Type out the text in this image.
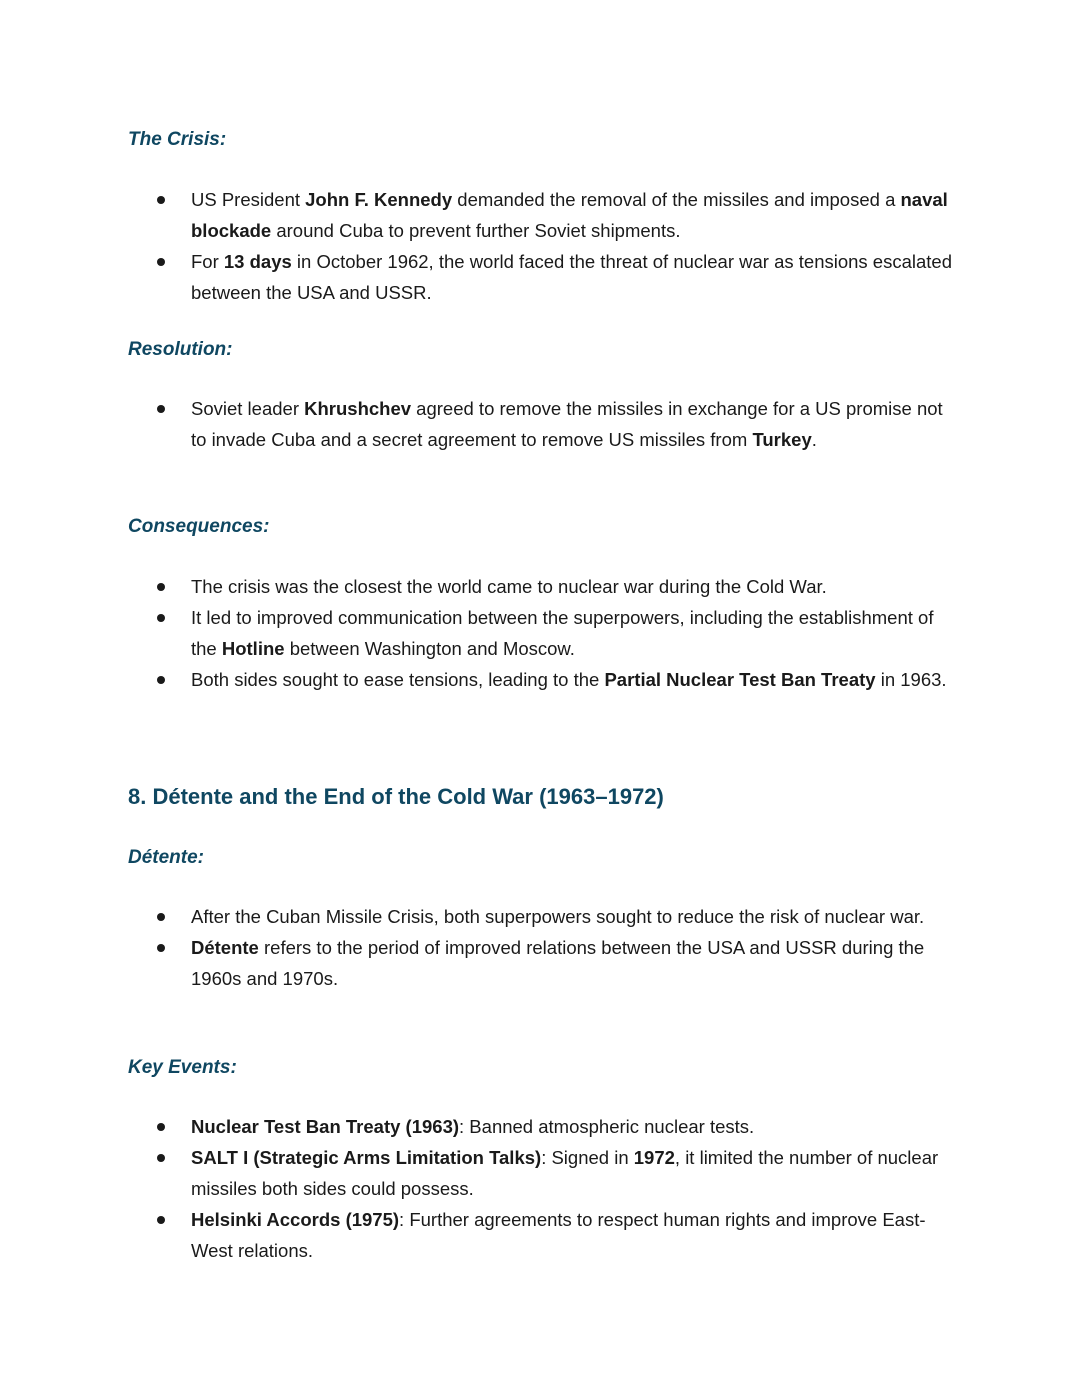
The Crisis:
US President John F. Kennedy demanded the removal of the missiles and imposed a naval blockade around Cuba to prevent further Soviet shipments.
For 13 days in October 1962, the world faced the threat of nuclear war as tensions escalated between the USA and USSR.
Resolution:
Soviet leader Khrushchev agreed to remove the missiles in exchange for a US promise not to invade Cuba and a secret agreement to remove US missiles from Turkey.
Consequences:
The crisis was the closest the world came to nuclear war during the Cold War.
It led to improved communication between the superpowers, including the establishment of the Hotline between Washington and Moscow.
Both sides sought to ease tensions, leading to the Partial Nuclear Test Ban Treaty in 1963.
8. Détente and the End of the Cold War (1963–1972)
Détente:
After the Cuban Missile Crisis, both superpowers sought to reduce the risk of nuclear war.
Détente refers to the period of improved relations between the USA and USSR during the 1960s and 1970s.
Key Events:
Nuclear Test Ban Treaty (1963): Banned atmospheric nuclear tests.
SALT I (Strategic Arms Limitation Talks): Signed in 1972, it limited the number of nuclear missiles both sides could possess.
Helsinki Accords (1975): Further agreements to respect human rights and improve East-West relations.
